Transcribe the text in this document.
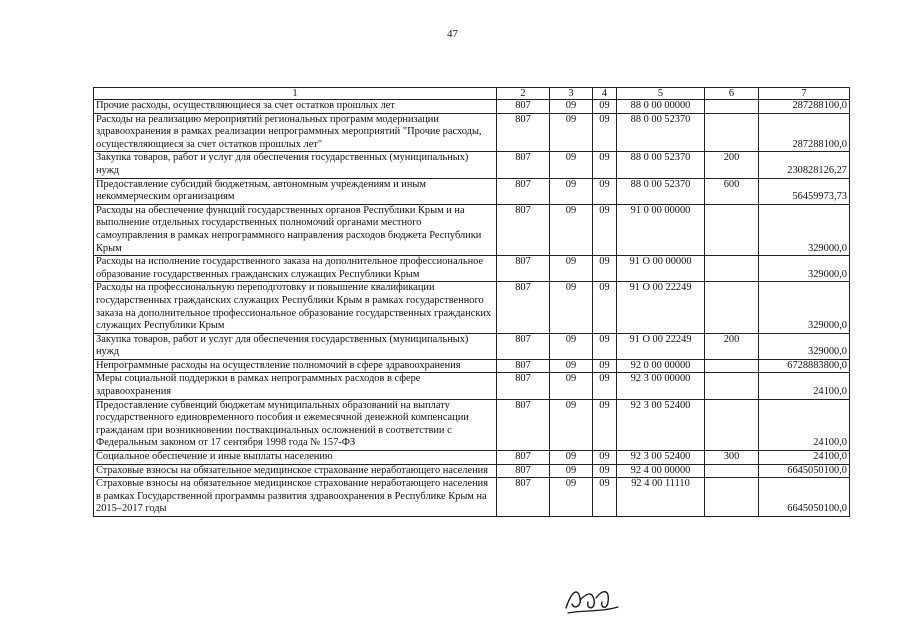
47
1	2	3	4	5	6	7
Прочие расходы, осуществляющиеся за счет остатков прошлых лет	807	09	09	88 0 00 00000		287288100,0
Расходы на реализацию мероприятий региональных программ модернизации здравоохранения в рамках реализации непрограммных мероприятий "Прочие расходы, осуществляющиеся за счет остатков прошлых лет"	807	09	09	88 0 00 52370		287288100,0
Закупка товаров, работ и услуг для обеспечения государственных (муниципальных) нужд	807	09	09	88 0 00 52370	200	230828126,27
Предоставление субсидий бюджетным, автономным учреждениям и иным некоммерческим организациям	807	09	09	88 0 00 52370	600	56459973,73
Расходы на обеспечение функций государственных органов Республики Крым и на выполнение отдельных государственных полномочий органами местного самоуправления в рамках непрограммного направления расходов бюджета Республики Крым	807	09	09	91 0 00 00000		329000,0
Расходы на исполнение государственного заказа на дополнительное профессиональное образование государственных гражданских служащих Республики Крым	807	09	09	91 О 00 00000		329000,0
Расходы на профессиональную переподготовку и повышение квалификации государственных гражданских служащих Республики Крым в рамках государственного заказа на дополнительное профессиональное образование государственных гражданских служащих Республики Крым	807	09	09	91 О 00 22249		329000,0
Закупка товаров, работ и услуг для обеспечения государственных (муниципальных) нужд	807	09	09	91 О 00 22249	200	329000,0
Непрограммные расходы на осуществление полномочий в сфере здравоохранения	807	09	09	92 0 00 00000		6728883800,0
Меры социальной поддержки в рамках непрограммных расходов в сфере здравоохранения	807	09	09	92 3 00 00000		24100,0
Предоставление субвенций бюджетам муниципальных образований на выплату государственного единовременного пособия и ежемесячной денежной компенсации гражданам при возникновении поствакцинальных осложнений в соответствии с Федеральным законом от 17 сентября 1998 года № 157-ФЗ	807	09	09	92 3 00 52400		24100,0
Социальное обеспечение и иные выплаты населению	807	09	09	92 3 00 52400	300	24100,0
Страховые взносы на обязательное медицинское страхование неработающего населения	807	09	09	92 4 00 00000		6645050100,0
Страховые взносы на обязательное медицинское страхование неработающего населения в рамках Государственной программы развития здравоохранения в Республике Крым на 2015–2017 годы	807	09	09	92 4 00 11110		6645050100,0
